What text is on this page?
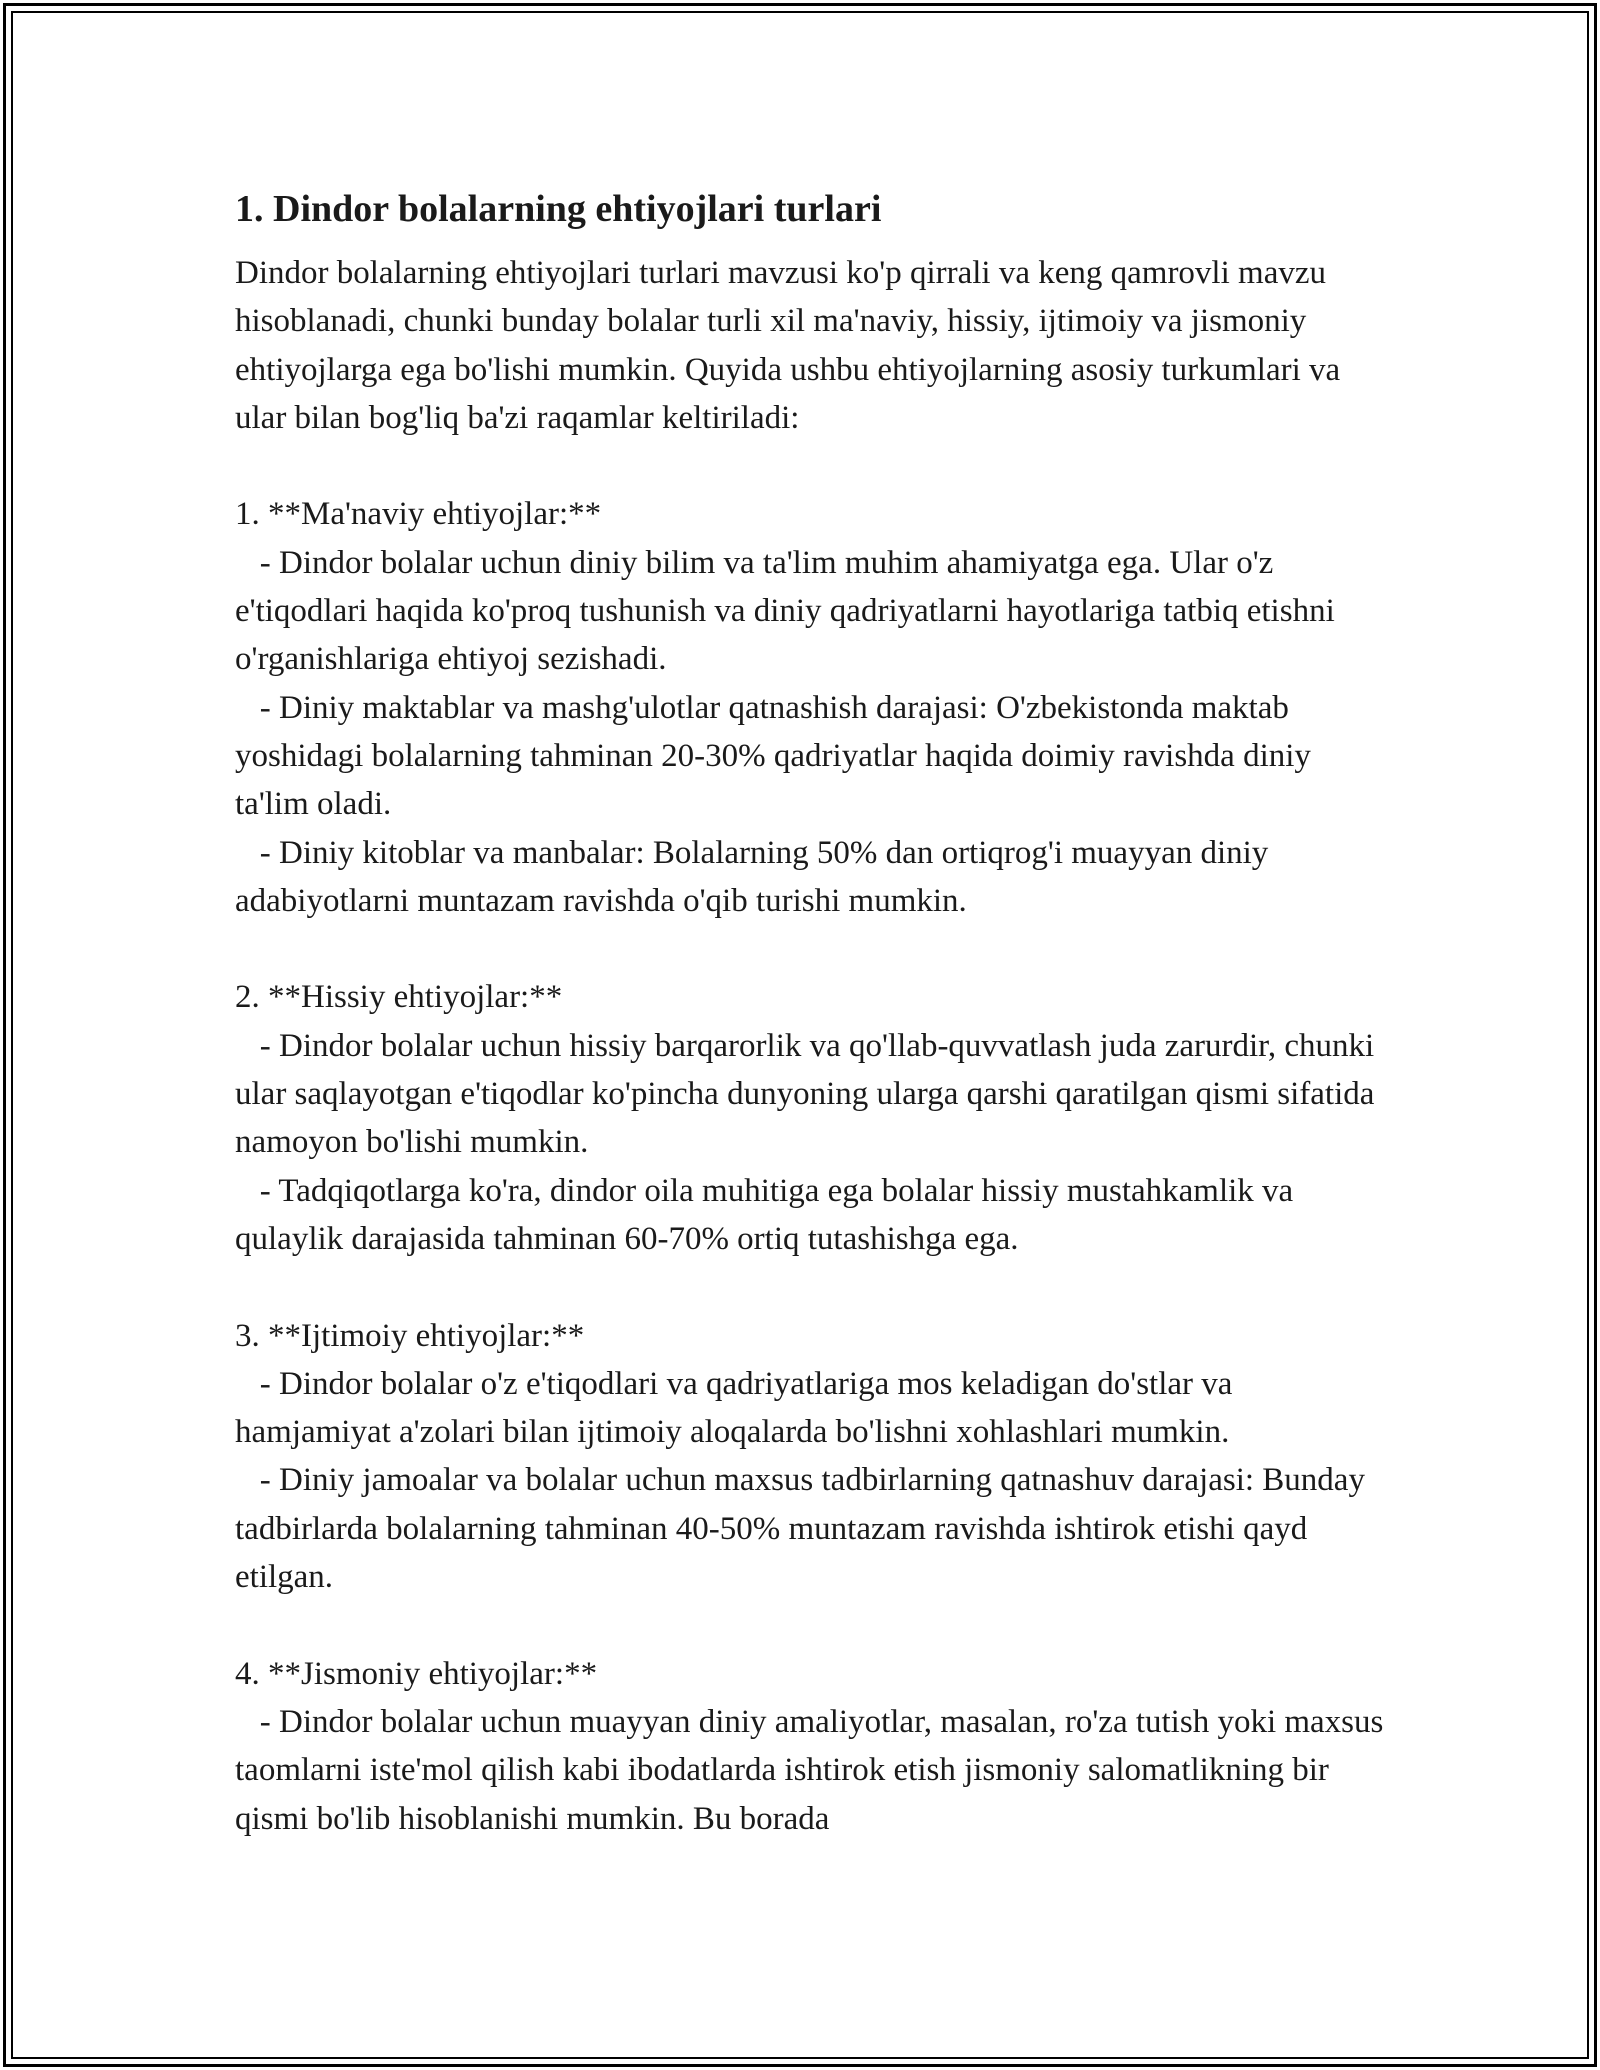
1. Dindor bolalarning ehtiyojlari turlari

Dindor bolalarning ehtiyojlari turlari mavzusi ko'p qirrali va keng qamrovli mavzu hisoblanadi, chunki bunday bolalar turli xil ma'naviy, hissiy, ijtimoiy va jismoniy ehtiyojlarga ega bo'lishi mumkin. Quyida ushbu ehtiyojlarning asosiy turkumlari va ular bilan bog'liq ba'zi raqamlar keltiriladi:

1. **Ma'naviy ehtiyojlar:**

- Dindor bolalar uchun diniy bilim va ta'lim muhim ahamiyatga ega. Ular o'z e'tiqodlari haqida ko'proq tushunish va diniy qadriyatlarni hayotlariga tatbiq etishni o'rganishlariga ehtiyoj sezishadi.

- Diniy maktablar va mashg'ulotlar qatnashish darajasi: O'zbekistonda maktab yoshidagi bolalarning tahminan 20-30% qadriyatlar haqida doimiy ravishda diniy ta'lim oladi.

- Diniy kitoblar va manbalar: Bolalarning 50% dan ortiqrog'i muayyan diniy adabiyotlarni muntazam ravishda o'qib turishi mumkin.

2. **Hissiy ehtiyojlar:**

- Dindor bolalar uchun hissiy barqarorlik va qo'llab-quvvatlash juda zarurdir, chunki ular saqlayotgan e'tiqodlar ko'pincha dunyoning ularga qarshi qaratilgan qismi sifatida namoyon bo'lishi mumkin.

- Tadqiqotlarga ko'ra, dindor oila muhitiga ega bolalar hissiy mustahkamlik va qulaylik darajasida tahminan 60-70% ortiq tutashishga ega.

3. **Ijtimoiy ehtiyojlar:**

- Dindor bolalar o'z e'tiqodlari va qadriyatlariga mos keladigan do'stlar va hamjamiyat a'zolari bilan ijtimoiy aloqalarda bo'lishni xohlashlari mumkin.

- Diniy jamoalar va bolalar uchun maxsus tadbirlarning qatnashuv darajasi: Bunday tadbirlarda bolalarning tahminan 40-50% muntazam ravishda ishtirok etishi qayd etilgan.

4. **Jismoniy ehtiyojlar:**

- Dindor bolalar uchun muayyan diniy amaliyotlar, masalan, ro'za tutish yoki maxsus taomlarni iste'mol qilish kabi ibodatlarda ishtirok etish jismoniy salomatlikning bir qismi bo'lib hisoblanishi mumkin. Bu borada
